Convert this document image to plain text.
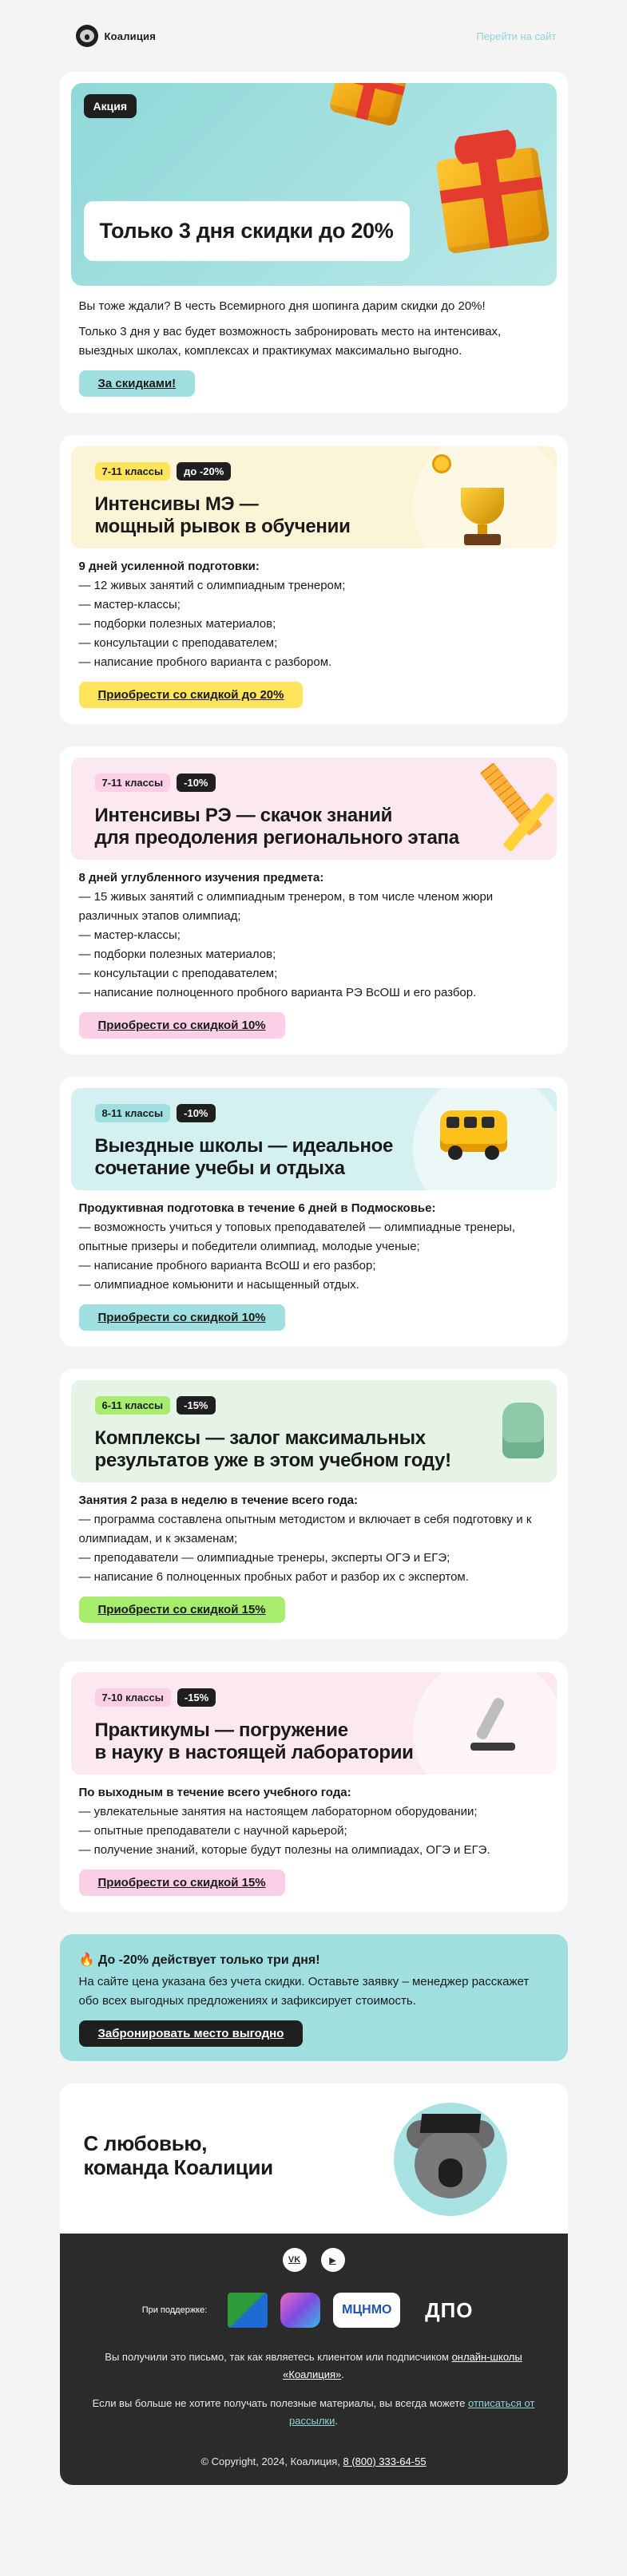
Коалиция	Перейти на сайт
Акция
Только 3 дня скидки до 20%

Вы тоже ждали? В честь Всемирного дня шопинга дарим скидки до 20%!

Только 3 дня у вас будет возможность забронировать место на интенсивах, выездных школах, комплексах и практикумах максимально выгодно.

За скидками!
7-11 классы	до -20%
Интенсивы МЭ —
мощный рывок в обучении
9 дней усиленной подготовки:
— 12 живых занятий с олимпиадным тренером;
— мастер-классы;
— подборки полезных материалов;
— консультации с преподавателем;
— написание пробного варианта с разбором.
Приобрести со скидкой до 20%
7-11 классы	-10%
Интенсивы РЭ — скачок знаний
для преодоления регионального этапа
8 дней углубленного изучения предмета:
— 15 живых занятий с олимпиадным тренером, в том числе членом жюри различных этапов олимпиад;
— мастер-классы;
— подборки полезных материалов;
— консультации с преподавателем;
— написание полноценного пробного варианта РЭ ВсОШ и его разбор.
Приобрести со скидкой 10%
8-11 классы	-10%
Выездные школы — идеальное
сочетание учебы и отдыха
Продуктивная подготовка в течение 6 дней в Подмосковье:
— возможность учиться у топовых преподавателей — олимпиадные тренеры, опытные призеры и победители олимпиад, молодые ученые;
— написание пробного варианта ВсОШ и его разбор;
— олимпиадное комьюнити и насыщенный отдых.
Приобрести со скидкой 10%
6-11 классы	-15%
Комплексы — залог максимальных
результатов уже в этом учебном году!
Занятия 2 раза в неделю в течение всего года:
— программа составлена опытным методистом и включает в себя подготовку и к олимпиадам, и к экзаменам;
— преподаватели — олимпиадные тренеры, эксперты ОГЭ и ЕГЭ;
— написание 6 полноценных пробных работ и разбор их с экспертом.
Приобрести со скидкой 15%
7-10 классы	-15%
Практикумы — погружение
в науку в настоящей лаборатории
По выходным в течение всего учебного года:
— увлекательные занятия на настоящем лабораторном оборудовании;
— опытные преподаватели с научной карьерой;
— получение знаний, которые будут полезны на олимпиадах, ОГЭ и ЕГЭ.
Приобрести со скидкой 15%
🔥 До -20% действует только три дня!
На сайте цена указана без учета скидки. Оставьте заявку – менеджер расскажет обо всех выгодных предложениях и зафиксирует стоимость.
Забронировать место выгодно
С любовью,
команда Коалиции
VK	▶
При поддержке:	МЦНМО	ДПО

Вы получили это письмо, так как являетесь клиентом или подписчиком онлайн-школы «Коалиция».

Если вы больше не хотите получать полезные материалы, вы всегда можете отписаться от рассылки.

© Copyright, 2024, Коалиция, 8 (800) 333-64-55
